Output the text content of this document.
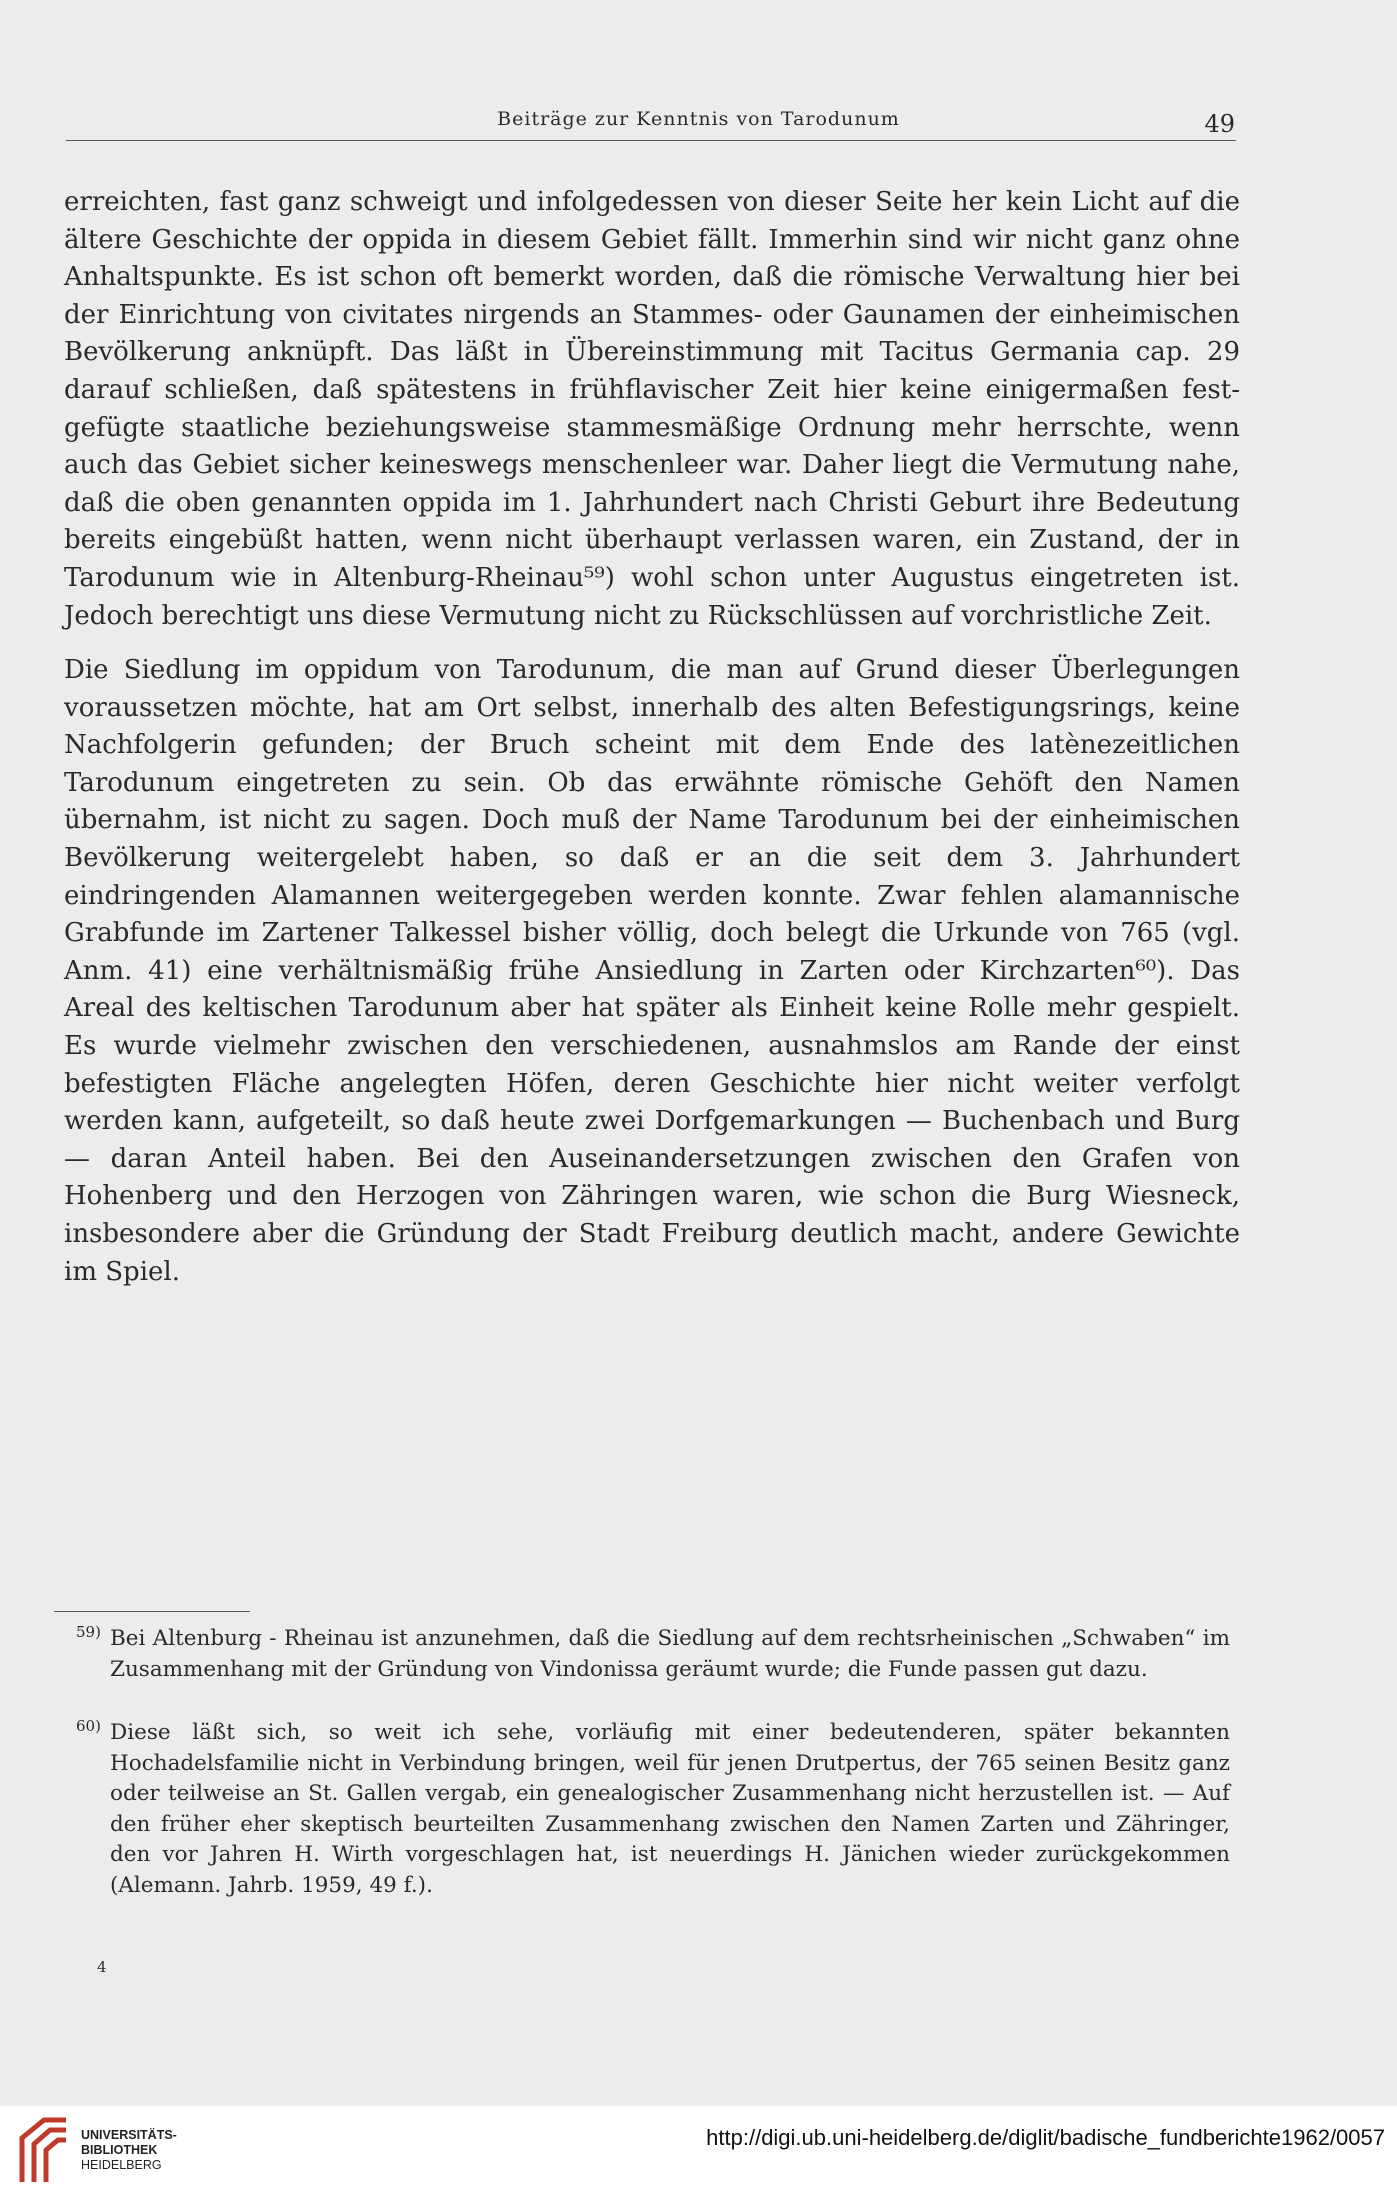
Beiträge zur Kenntnis von Tarodunum	49

erreichten, fast ganz schweigt und infolgedessen von dieser Seite her kein Licht auf die ältere Geschichte der oppida in diesem Gebiet fällt. Immerhin sind wir nicht ganz ohne Anhaltspunkte. Es ist schon oft bemerkt worden, daß die römische Verwaltung hier bei der Einrichtung von civitates nirgends an Stammes- oder Gaunamen der einheimischen Bevölkerung anknüpft. Das läßt in Übereinstimmung mit Tacitus Germania cap. 29 darauf schließen, daß spätestens in frühflavischer Zeit hier keine einigermaßen festgefügte staatliche beziehungsweise stammesmäßige Ordnung mehr herrschte, wenn auch das Gebiet sicher keineswegs menschenleer war. Daher liegt die Vermutung nahe, daß die oben genannten oppida im 1. Jahrhundert nach Christi Geburt ihre Bedeutung bereits eingebüßt hatten, wenn nicht überhaupt verlassen waren, ein Zustand, der in Tarodunum wie in Altenburg-Rheinau⁵⁹) wohl schon unter Augustus eingetreten ist. Jedoch berechtigt uns diese Vermutung nicht zu Rückschlüssen auf vorchristliche Zeit.

Die Siedlung im oppidum von Tarodunum, die man auf Grund dieser Überlegungen voraussetzen möchte, hat am Ort selbst, innerhalb des alten Befestigungsrings, keine Nachfolgerin gefunden; der Bruch scheint mit dem Ende des latènezeitlichen Tarodunum eingetreten zu sein. Ob das erwähnte römische Gehöft den Namen übernahm, ist nicht zu sagen. Doch muß der Name Tarodunum bei der einheimischen Bevölkerung weitergelebt haben, so daß er an die seit dem 3. Jahrhundert eindringenden Alamannen weitergegeben werden konnte. Zwar fehlen alamannische Grabfunde im Zartener Talkessel bisher völlig, doch belegt die Urkunde von 765 (vgl. Anm. 41) eine verhältnismäßig frühe Ansiedlung in Zarten oder Kirchzarten⁶⁰). Das Areal des keltischen Tarodunum aber hat später als Einheit keine Rolle mehr gespielt. Es wurde vielmehr zwischen den verschiedenen, ausnahmslos am Rande der einst befestigten Fläche angelegten Höfen, deren Geschichte hier nicht weiter verfolgt werden kann, aufgeteilt, so daß heute zwei Dorfgemarkungen — Buchenbach und Burg — daran Anteil haben. Bei den Auseinandersetzungen zwischen den Grafen von Hohenberg und den Herzogen von Zähringen waren, wie schon die Burg Wiesneck, insbesondere aber die Gründung der Stadt Freiburg deutlich macht, andere Gewichte im Spiel.

59) Bei Altenburg - Rheinau ist anzunehmen, daß die Siedlung auf dem rechtsrheinischen „Schwaben“ im Zusammenhang mit der Gründung von Vindonissa geräumt wurde; die Funde passen gut dazu.
60) Diese läßt sich, so weit ich sehe, vorläufig mit einer bedeutenderen, später bekannten Hochadelsfamilie nicht in Verbindung bringen, weil für jenen Drutpertus, der 765 seinen Besitz ganz oder teilweise an St. Gallen vergab, ein genealogischer Zusammenhang nicht herzustellen ist. — Auf den früher eher skeptisch beurteilten Zusammenhang zwischen den Namen Zarten und Zähringer, den vor Jahren H. Wirth vorgeschlagen hat, ist neuerdings H. Jänichen wieder zurückgekommen (Alemann. Jahrb. 1959, 49 f.).
4
UNIVERSITÄTS-
BIBLIOTHEK
HEIDELBERG
http://digi.ub.uni-heidelberg.de/diglit/badische_fundberichte1962/0057
